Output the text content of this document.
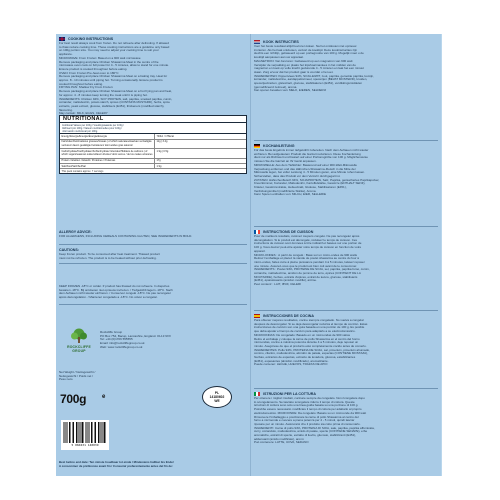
COOKING INSTRUCTIONS
For best result always cook from frozen. Do not refreeze after defrosting. If allowed
to thaw reduce cooking time. These cooking instructions are a guideline only based
on 100g portion size. You may need to adjust your cooking time to suit your
appliance.
MICROWAVE: From Frozen: Based on a 900 watt microwave
Remove packaging and place Chicken Shawarma Meat in the centre of the
microwave oven cook on full power for 4 - 5 minutes, allow to stand for one minute.
Ensure product is cooked throughout before eating.
OVEN: From Frozen:Pre-heat oven to 180°C
Remove packaging and place Chicken Shawarma Meat on a baking tray. Heat for
approx. 8 - 10 minutes until piping hot. Turning occasionally. Ensure product is
cooked throughout before eating.
FRYING PAN: Shallow Fry From Frozen:
Remove packaging and place Chicken Shawarma Meat on a hot frying pan and heat,
for approx. 4 - 8 minutes keep turning the meat until it is piping hot.
INGREDIENTS: Chicken 94%, SOY PROTEIN, salt, paprika, smoked paprika, cumin,
coriander, maltodextrin, potato starch, spices (CONTAINS MUSTARD), herbs, spice
extracts, yeast extract, glucose, stabilisers (E451), thickeners (modified starch),
flavouring.
May contain: MILK, EGGS, CELERY
NUTRITIONAL
Nutritional Values per 100g / Voedingswaarde per 100g /
Nährwert pro 100g / Valeurs nutritionnelles pour 100g /
Información nutricional por 100g
Energy/Energie/Energie/Énergie/Energía	740kJ / 176kcal
Fat/Vetten/Fett/matières grasses/Grasas | of which saturates/waarvan verzadigde vetzuren/ davon gesättigte Fettsäuren/ dont acides gras saturés/
11g | 3.4g
Carbohydrate/Koolhydraten/Kohlenhydrate/ Glucides/Hidratos de carbono | of which sugars/waarvan suikers/davon Zucker/ dont sucres / de los cuales azúcares
1.9g | 0.5g
Protein / Eiwitten / Eiweiß / Protéines / Proteínas	17g
Salt/Zout/Salz/Sel/Sal	1.9g
This pack contains approx. 7 servings
ALLERGY ADVICE:
FOR ALLERGENS, INCLUDING CEREALS CONTAINING GLUTEN, SEE INGREDIENTS IN BOLD.
CAUTIONS:
Keep frozen product. To be consumed after heat treatment. Thawed product
must not be refrozen. The product is to be heated without prior defrosting.
KEEP FROZEN -18°C or colder. If product has thawed do not refreeze. In diepvries
bewaren -18°C. Bij ontdooien niet opnieuw invriezen. / Tiefgekühlt lagern -18°C. Nach
dem Auftauen nicht wieder einfrieren. / Conserver congelé -18°C. Ne pas recongeler
après décongélation. / Mantener congelado a -18°C. No volver a congelar.
ROCKCLIFFE
GROUP
Rockcliffe Group
PO Box 754, Bacup, Lancashire, England. OL13 9XX
Tel: +44 (0)1706 555555
Email: info@rockcliffegroup.co.uk
Web: www.rockcliffegroup.co.uk
Net Weight / Nettogewicht /
Nettogewicht / Poids net /
Peso neto
700g	e
PL
14180602
WE
5 060431 140039
Best before end date: Ten minste houdbaar tot einde / Mindestens haltbar bis Ende/
A consommer de préférence avant fin / Consumir preferentemente antes del fin de:
KOOK INSTRUCTIES
Voor het beste resultaat altijd bevroren koken. Na het ontdooien niet opnieuw
invriezen. Als het laat ontdooien, verkort de kooktijd. Deze kookinstructies zijn
slechts een richtlijn, gebaseerd op een portiegrootte van 100 g. Mogelijk moet u de
kooktijd aanpassen aan uw apparaat.
MAGNETRON: Van bevroren: Gebaseerd op een magnetron van 900 watt
Verwijder de verpakking en plaats het kipshoarmavlees in het midden van de
magnetron en kook op volle kracht gedurende 4 - 5 minuten en laat het een minuut
staan. Zorg ervoor dat het product gaar is voordat u het eet.
INGREDIËNTEN: Kippenvlees 94%, SOJA-EIWIT, zout, paprika, gerookte paprika, komijn,
koriander, maltodextrine, aardappelzetmeel, specerijen (BEVAT MOSTERD), kruiden,
specerijextracten, gistextract, glucose, stabilisatoren (E451), verdikkingsmiddelen
(gemodificeerd zetmeel), aroma.
Kan sporen bevatten van: MELK, EIEREN, SELDERIJ
KOCHANLEITUNG
Für das beste Ergebnis immer tiefgekühlt zubereiten. Nach dem Auftauen nicht wieder
einfrieren. Bei aufgetautem Produkt die Garzeit reduzieren. Diese Kochanleitung
dient nur als Richtwert und basiert auf einer Portionsgröße von 100 g. Möglicherweise
müssen Sie die Garzeit an Ihr Gerät anpassen.
MIKROWELLE: Aus dem Tiefkühler: Basierend auf einer 900-Watt-Mikrowelle
Verpackung entfernen und das Hähnchen-Shawarma-Fleisch in die Mitte der
Mikrowelle legen, bei voller Leistung 4 - 5 Minuten garen, eine Minute ruhen lassen.
Sicherstellen, dass das Produkt vor dem Verzehr durchgegart ist.
ZUTATEN: Hähnchenfleisch 94%, SOJAPROTEIN, Salz, Paprika, geräuchertes Paprikapulver,
Kreuzkümmel, Koriander, Maltodextrin, Kartoffelstärke, Gewürze (ENTHÄLT SENF),
Kräuter, Gewürzextrakte, Hefeextrakt, Glukose, Stabilisatoren (E451),
Verdickungsmittel (modifizierte Stärke), Aroma.
Kann Spuren enthalten von: MILCH, EIER, SELLERIE
INSTRUCTIONS DE CUISSON
Pour de meilleurs résultats, cuisinez toujours congelé. Ne pas recongeler après
décongélation. Si le produit est décongelé, réduisez le temps de cuisson. Ces
instructions de cuisson sont données à titre indicatif et basées sur une portion de
100 g. Vous devrez peut-être ajuster votre temps de cuisson en fonction de votre
appareil.
MICRO-ONDES : À partir de congelé : Basé sur un micro-ondes de 900 watts
Retirez l'emballage et placez la viande de poulet shawarma au centre du four à
micro-ondes, faites cuire à pleine puissance pendant 4 à 5 minutes, laissez reposer
une minute. Assurez-vous que le produit est bien cuit avant de le consommer.
INGRÉDIENTS : Poulet 94%, PROTÉINE DE SOJA, sel, paprika, paprika fumé, cumin,
coriandre, maltodextrine, amidon de pomme de terre, épices (CONTIENT DE LA
MOUTARDE), herbes, extraits d'épices, extrait de levure, glucose, stabilisants
(E451), épaississants (amidon modifié), arôme.
Peut contenir : LAIT, ŒUF, CÉLERI
INSTRUCCIONES DE COCINA
Para obtener mejores resultados, cocine siempre congelado. No vuelva a congelar
después de descongelar. Si se deja descongelar reduzca el tiempo de cocción. Estas
instrucciones de cocción son una guía basada en una porción de 100 g. Es posible
que deba ajustar el tiempo de cocción para adaptarlo a su electrodoméstico.
MICROONDAS: De congelado: Basado en un microondas de 900 vatios
Retire el embalaje y coloque la carne de pollo Shawarma en el centro del horno
microondas, cocine a máxima potencia durante 4 a 5 minutos, deje reposar un
minuto. Asegúrese de que el producto esté completamente cocido antes de comerlo.
INGREDIENTES: Pollo 94%, PROTEÍNA DE SOJA, sal, pimentón, pimentón ahumado,
comino, cilantro, maltodextrina, almidón de patata, especias (CONTIENE MOSTAZA),
hierbas, extractos de especias, extracto de levadura, glucosa, estabilizantes
(E451), espesantes (almidón modificado), aromatizante.
Puede contener: LECHE, HUEVOS, TRAZAS DE APIO
ISTRUZIONI PER LA COTTURA
Per ottenere i migliori risultati, cucinare sempre da congelato. Non ricongelare dopo
lo scongelamento. Se lasciato scongelare ridurre il tempo di cottura. Queste
istruzioni di cottura sono solo una linea guida basata su una porzione di 100 g.
Potrebbe essere necessario modificare il tempo di cottura per adattarlo al proprio
elettrodomestico. MICROONDE: Da congelato: Basato su un microonde da 900 watt
Rimuovere l'imballaggio e posizionare la carne di pollo Shawarma al centro del
forno a microonde e cuocere a piena potenza per 4 - 5 minuti, quindi lasciar
riposare per un minuto. Assicurarsi che il prodotto sia cotto prima di consumarlo.
INGREDIENTI: Carne di pollo 94%, PROTEINA DI SOIA, sale, paprika, paprika affumicata,
curry, coriandolo, maltodestrina, amido di patate, spezie (CONTIENE SENAPE), erbe
aromatiche, estratti di spezie, estratto di lievito, glucosio, stabilizzanti (E451),
addensanti (amido modificato), aromi.
Può contenere: LATTE, UOVA, SEDANO
